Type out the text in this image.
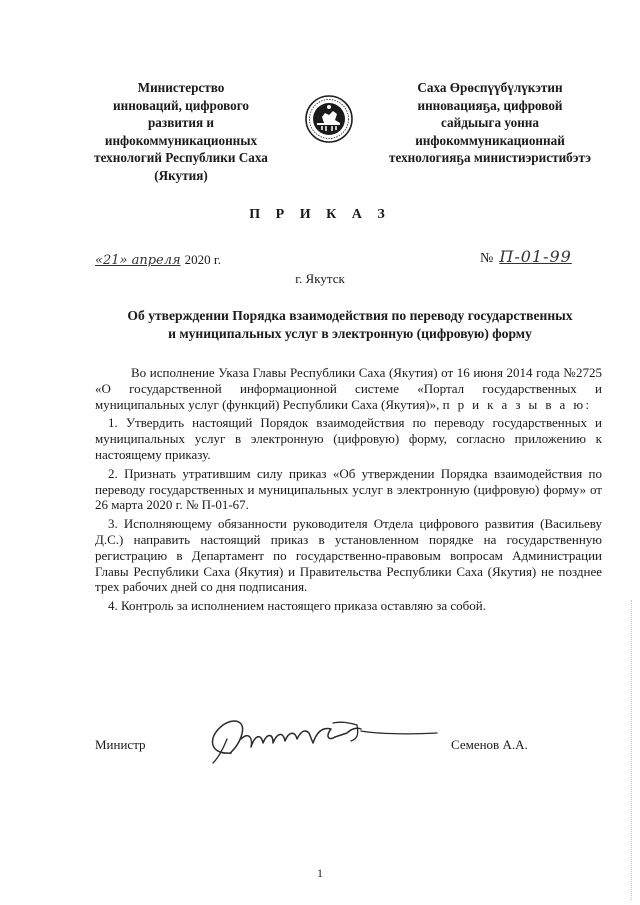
Министерство
инноваций, цифрового
развития и
инфокоммуникационных
технологий Республики Саха
(Якутия)
Саха Өрөспүүбүлүкэтин
инновацияҕа, цифровой
сайдыыга уонна
инфокоммуникационнай
технологияҕа министиэристибэтэ
П Р И К А З
«21» апреля 2020 г.	№ П-01-99
г. Якутск
Об утверждении Порядка взаимодействия по переводу государственных
и муниципальных услуг в электронную (цифровую) форму

Во исполнение Указа Главы Республики Саха (Якутия) от 16 июня 2014 года №2725 «О государственной информационной системе «Портал государственных и муниципальных услуг (функций) Республики Саха (Якутия)», п р и к а з ы в а ю:

1. Утвердить настоящий Порядок взаимодействия по переводу государственных и муниципальных услуг в электронную (цифровую) форму, согласно приложению к настоящему приказу.

2. Признать утратившим силу приказ «Об утверждении Порядка взаимодействия по переводу государственных и муниципальных услуг в электронную (цифровую) форму» от 26 марта 2020 г. № П-01-67.

3. Исполняющему обязанности руководителя Отдела цифрового развития (Васильеву Д.С.) направить настоящий приказ в установленном порядке на государственную регистрацию в Департамент по государственно-правовым вопросам Администрации Главы Республики Саха (Якутия) и Правительства Республики Саха (Якутия) не позднее трех рабочих дней со дня подписания.

4. Контроль за исполнением настоящего приказа оставляю за собой.

Министр	Семенов А.А.
1
